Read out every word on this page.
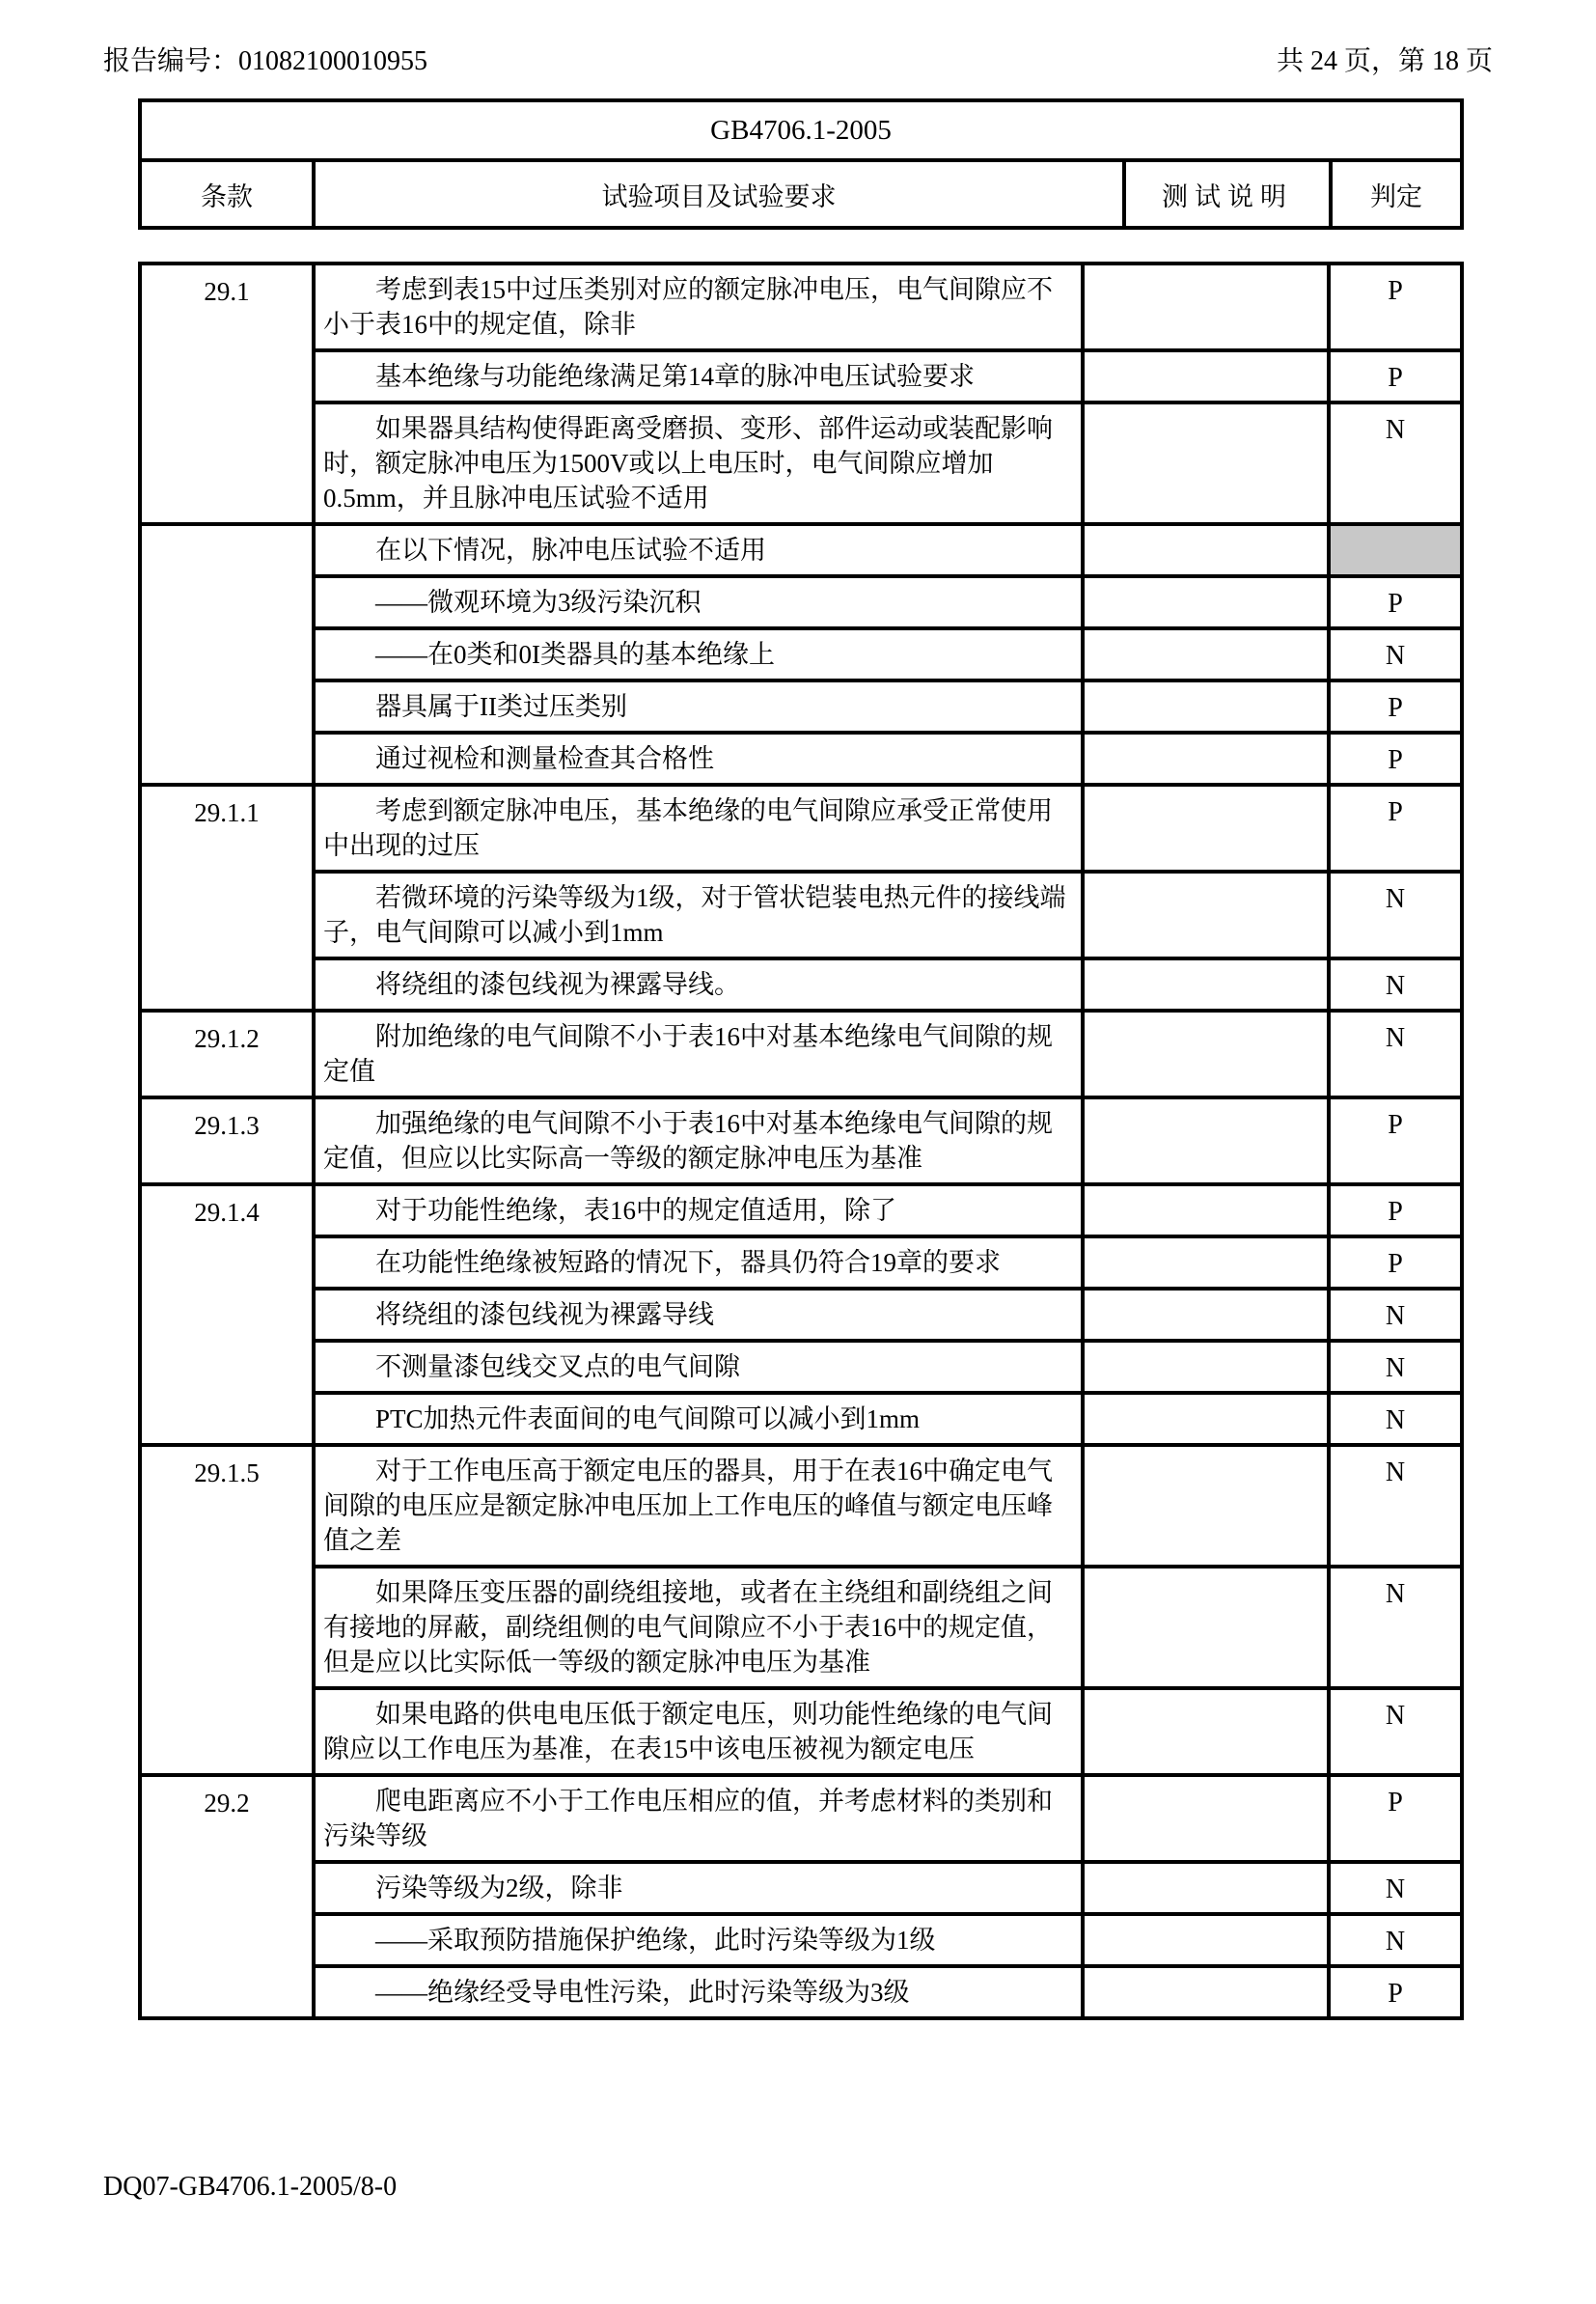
报告编号：01082100010955	共 24 页，第 18 页
GB4706.1-2005
条款	试验项目及试验要求	测试说明	判定
29.1	考虑到表15中过压类别对应的额定脉冲电压，电气间隙应不小于表16中的规定值，除非		P
	基本绝缘与功能绝缘满足第14章的脉冲电压试验要求		P
	如果器具结构使得距离受磨损、变形、部件运动或装配影响时，额定脉冲电压为1500V或以上电压时，电气间隙应增加0.5mm，并且脉冲电压试验不适用		N
	在以下情况，脉冲电压试验不适用		
	——微观环境为3级污染沉积		P
	——在0类和0I类器具的基本绝缘上		N
	器具属于II类过压类别		P
	通过视检和测量检查其合格性		P
29.1.1	考虑到额定脉冲电压，基本绝缘的电气间隙应承受正常使用中出现的过压		P
	若微环境的污染等级为1级，对于管状铠装电热元件的接线端子，电气间隙可以减小到1mm		N
	将绕组的漆包线视为裸露导线。		N
29.1.2	附加绝缘的电气间隙不小于表16中对基本绝缘电气间隙的规定值		N
29.1.3	加强绝缘的电气间隙不小于表16中对基本绝缘电气间隙的规定值，但应以比实际高一等级的额定脉冲电压为基准		P
29.1.4	对于功能性绝缘，表16中的规定值适用，除了		P
	在功能性绝缘被短路的情况下，器具仍符合19章的要求		P
	将绕组的漆包线视为裸露导线		N
	不测量漆包线交叉点的电气间隙		N
	PTC加热元件表面间的电气间隙可以减小到1mm		N
29.1.5	对于工作电压高于额定电压的器具，用于在表16中确定电气间隙的电压应是额定脉冲电压加上工作电压的峰值与额定电压峰值之差		N
	如果降压变压器的副绕组接地，或者在主绕组和副绕组之间有接地的屏蔽，副绕组侧的电气间隙应不小于表16中的规定值，但是应以比实际低一等级的额定脉冲电压为基准		N
	如果电路的供电电压低于额定电压，则功能性绝缘的电气间隙应以工作电压为基准，在表15中该电压被视为额定电压		N
29.2	爬电距离应不小于工作电压相应的值，并考虑材料的类别和污染等级		P
	污染等级为2级，除非		N
	——采取预防措施保护绝缘，此时污染等级为1级		N
	——绝缘经受导电性污染，此时污染等级为3级		P
DQ07-GB4706.1-2005/8-0
